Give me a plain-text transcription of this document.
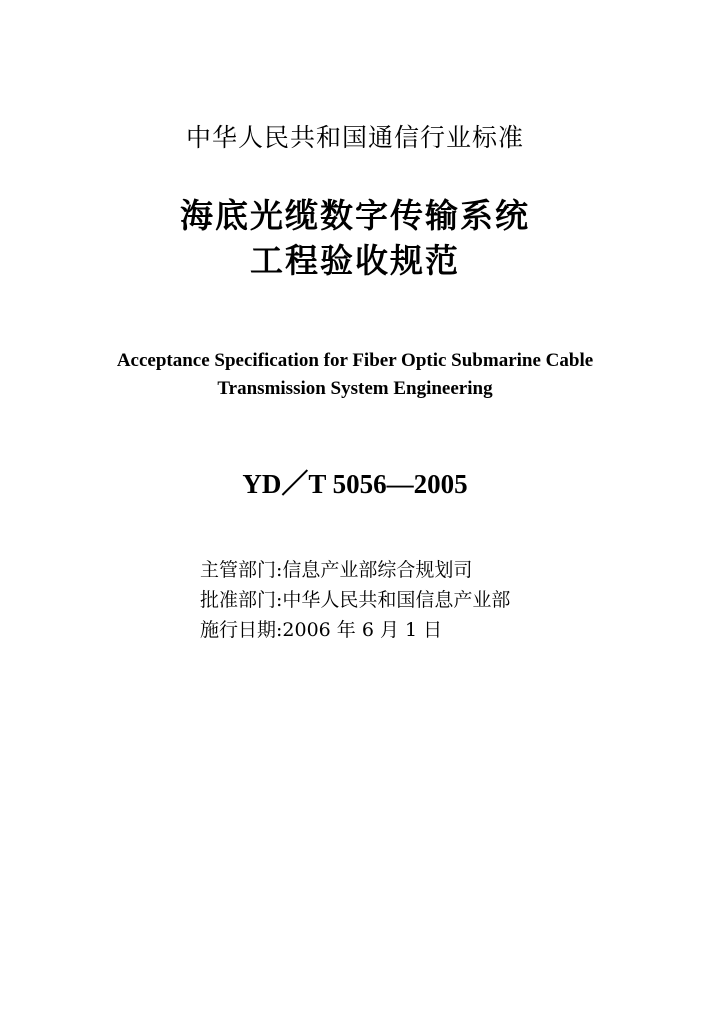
中华人民共和国通信行业标准
海底光缆数字传输系统
工程验收规范
Acceptance Specification for Fiber Optic Submarine Cable
Transmission System Engineering
YD／T 5056—2005
主管部门:信息产业部综合规划司
批准部门:中华人民共和国信息产业部
施行日期:2006 年 6 月 1 日
